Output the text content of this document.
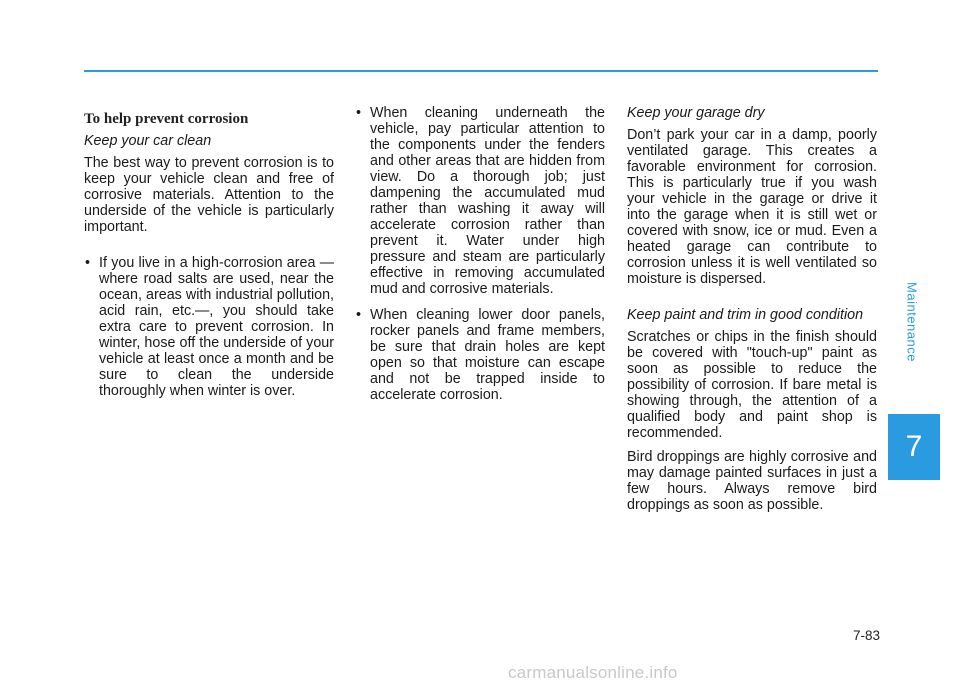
To help prevent corrosion
Keep your car clean

The best way to prevent corrosion is to keep your vehicle clean and free of corrosive materials. Attention to the underside of the vehicle is particularly important.

• If you live in a high-corrosion area — where road salts are used, near the ocean, areas with industrial pollution, acid rain, etc.—, you should take extra care to prevent corrosion. In winter, hose off the underside of your vehicle at least once a month and be sure to clean the underside thoroughly when winter is over.
• When cleaning underneath the vehicle, pay particular attention to the components under the fenders and other areas that are hidden from view. Do a thorough job; just dampening the accumulated mud rather than washing it away will accelerate corrosion rather than prevent it. Water under high pressure and steam are particularly effective in removing accumulated mud and corrosive materials.
• When cleaning lower door panels, rocker panels and frame members, be sure that drain holes are kept open so that moisture can escape and not be trapped inside to accelerate corrosion.
Keep your garage dry

Don’t park your car in a damp, poorly ventilated garage. This creates a favorable environment for corrosion. This is particularly true if you wash your vehicle in the garage or drive it into the garage when it is still wet or covered with snow, ice or mud. Even a heated garage can contribute to corrosion unless it is well ventilated so moisture is dispersed.

Keep paint and trim in good condition

Scratches or chips in the finish should be covered with "touch-up" paint as soon as possible to reduce the possibility of corrosion. If bare metal is showing through, the attention of a qualified body and paint shop is recommended.

Bird droppings are highly corrosive and may damage painted surfaces in just a few hours. Always remove bird droppings as soon as possible.

Maintenance
7
7-83
carmanualsonline.info
